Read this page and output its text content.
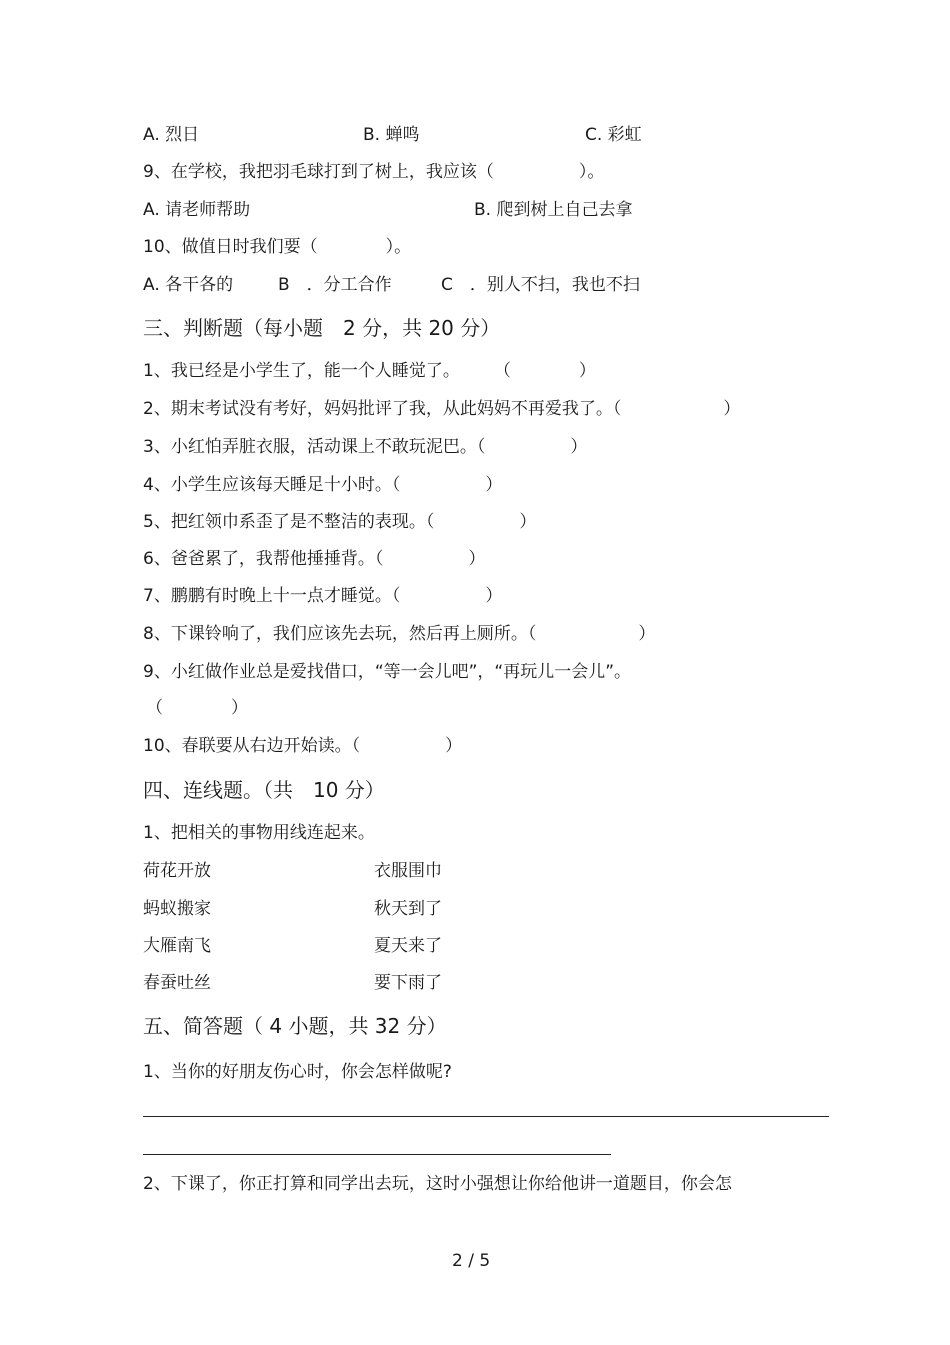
A. 烈日	B. 蝉鸣	C. 彩虹
9、在学校，我把羽毛球打到了树上，我应该（　　　　　）。
A. 请老师帮助	B. 爬到树上自己去拿
10、做值日时我们要（　　　　）。
A. 各干各的	B　．分工合作	C　．别人不扫，我也不扫
三、判断题（每小题　2 分，共 20 分）
1、我已经是小学生了，能一个人睡觉了。　　　（　　　　）
2、期末考试没有考好，妈妈批评了我，从此妈妈不再爱我了。（　　　　　　）
3、小红怕弄脏衣服，活动课上不敢玩泥巴。（　　　　　）
4、小学生应该每天睡足十小时。（　　　　　）
5、把红领巾系歪了是不整洁的表现。（　　　　　）
6、爸爸累了，我帮他捶捶背。（　　　　　）
7、鹏鹏有时晚上十一点才睡觉。（　　　　　）
8、下课铃响了，我们应该先去玩，然后再上厕所。（　　　　　　）
9、小红做作业总是爱找借口，“等一会儿吧”，“再玩儿一会儿”。
（　　　　）
10、春联要从右边开始读。（　　　　　）
四、连线题。（共　10 分）
1、把相关的事物用线连起来。
荷花开放	衣服围巾
蚂蚁搬家	秋天到了
大雁南飞	夏天来了
春蚕吐丝	要下雨了
五、简答题（ 4 小题，共 32 分）
1、当你的好朋友伤心时，你会怎样做呢?
2、下课了，你正打算和同学出去玩，这时小强想让你给他讲一道题目，你会怎
2 / 5
